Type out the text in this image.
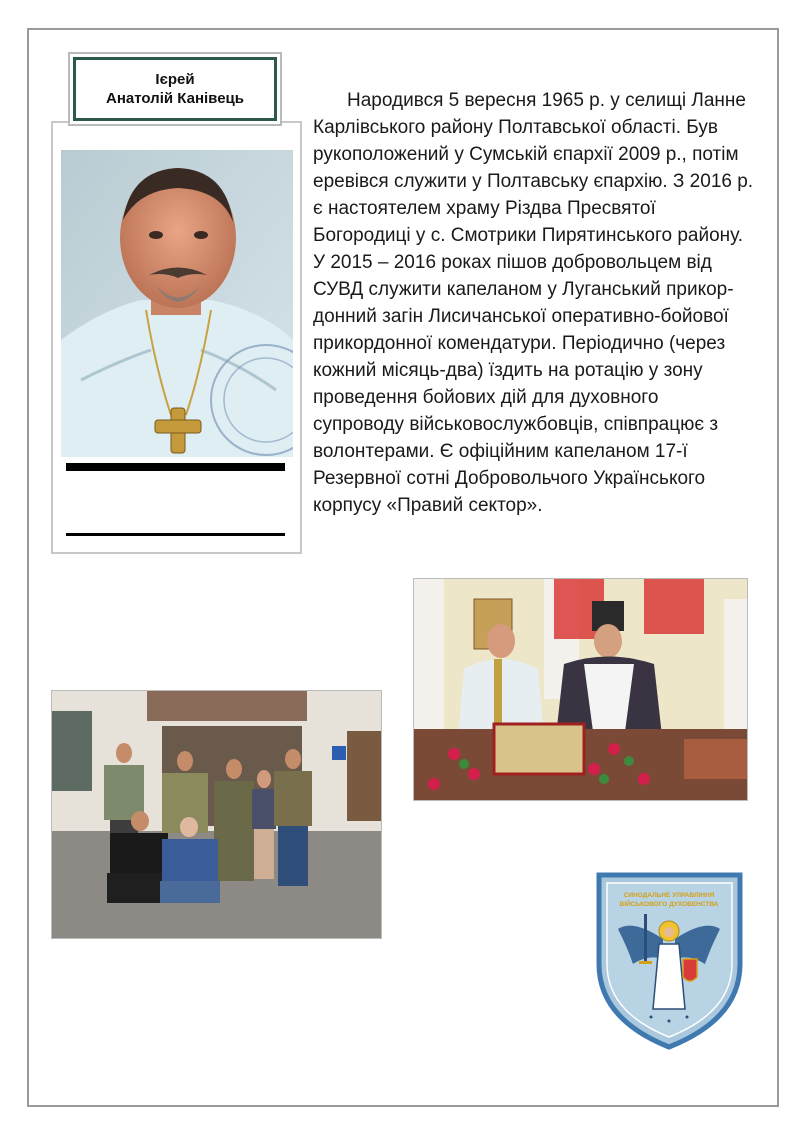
Ієрей
Анатолій Канівець	Народився 5 вересня 1965 р. у селищі Ланне
Карлівського району Полтавської області. Був
рукоположений у Сумській єпархії 2009 р., потім
еревівся служити у Полтавську єпархію. З 2016 р.
є настоятелем храму Різдва Пресвятої
Богородиці у с. Смотрики Пирятинського району.
У 2015 – 2016 роках пішов добровольцем від
СУВД служити капеланом у Луганський прикор-
донний загін Лисичанської оперативно-бойової
прикордонної комендатури. Періодично (через
кожний місяць-два) їздить на ротацію у зону
проведення бойових дій для духовного
супроводу військовослужбовців, співпрацює з
волонтерами. Є офіційним капеланом 17-ї
Резервної сотні Добровольчого Українського
корпусу «Правий сектор».
СИНОДАЛЬНЕ УПРАВЛІННЯ
ВІЙСЬКОВОГО ДУХОВЕНСТВА
